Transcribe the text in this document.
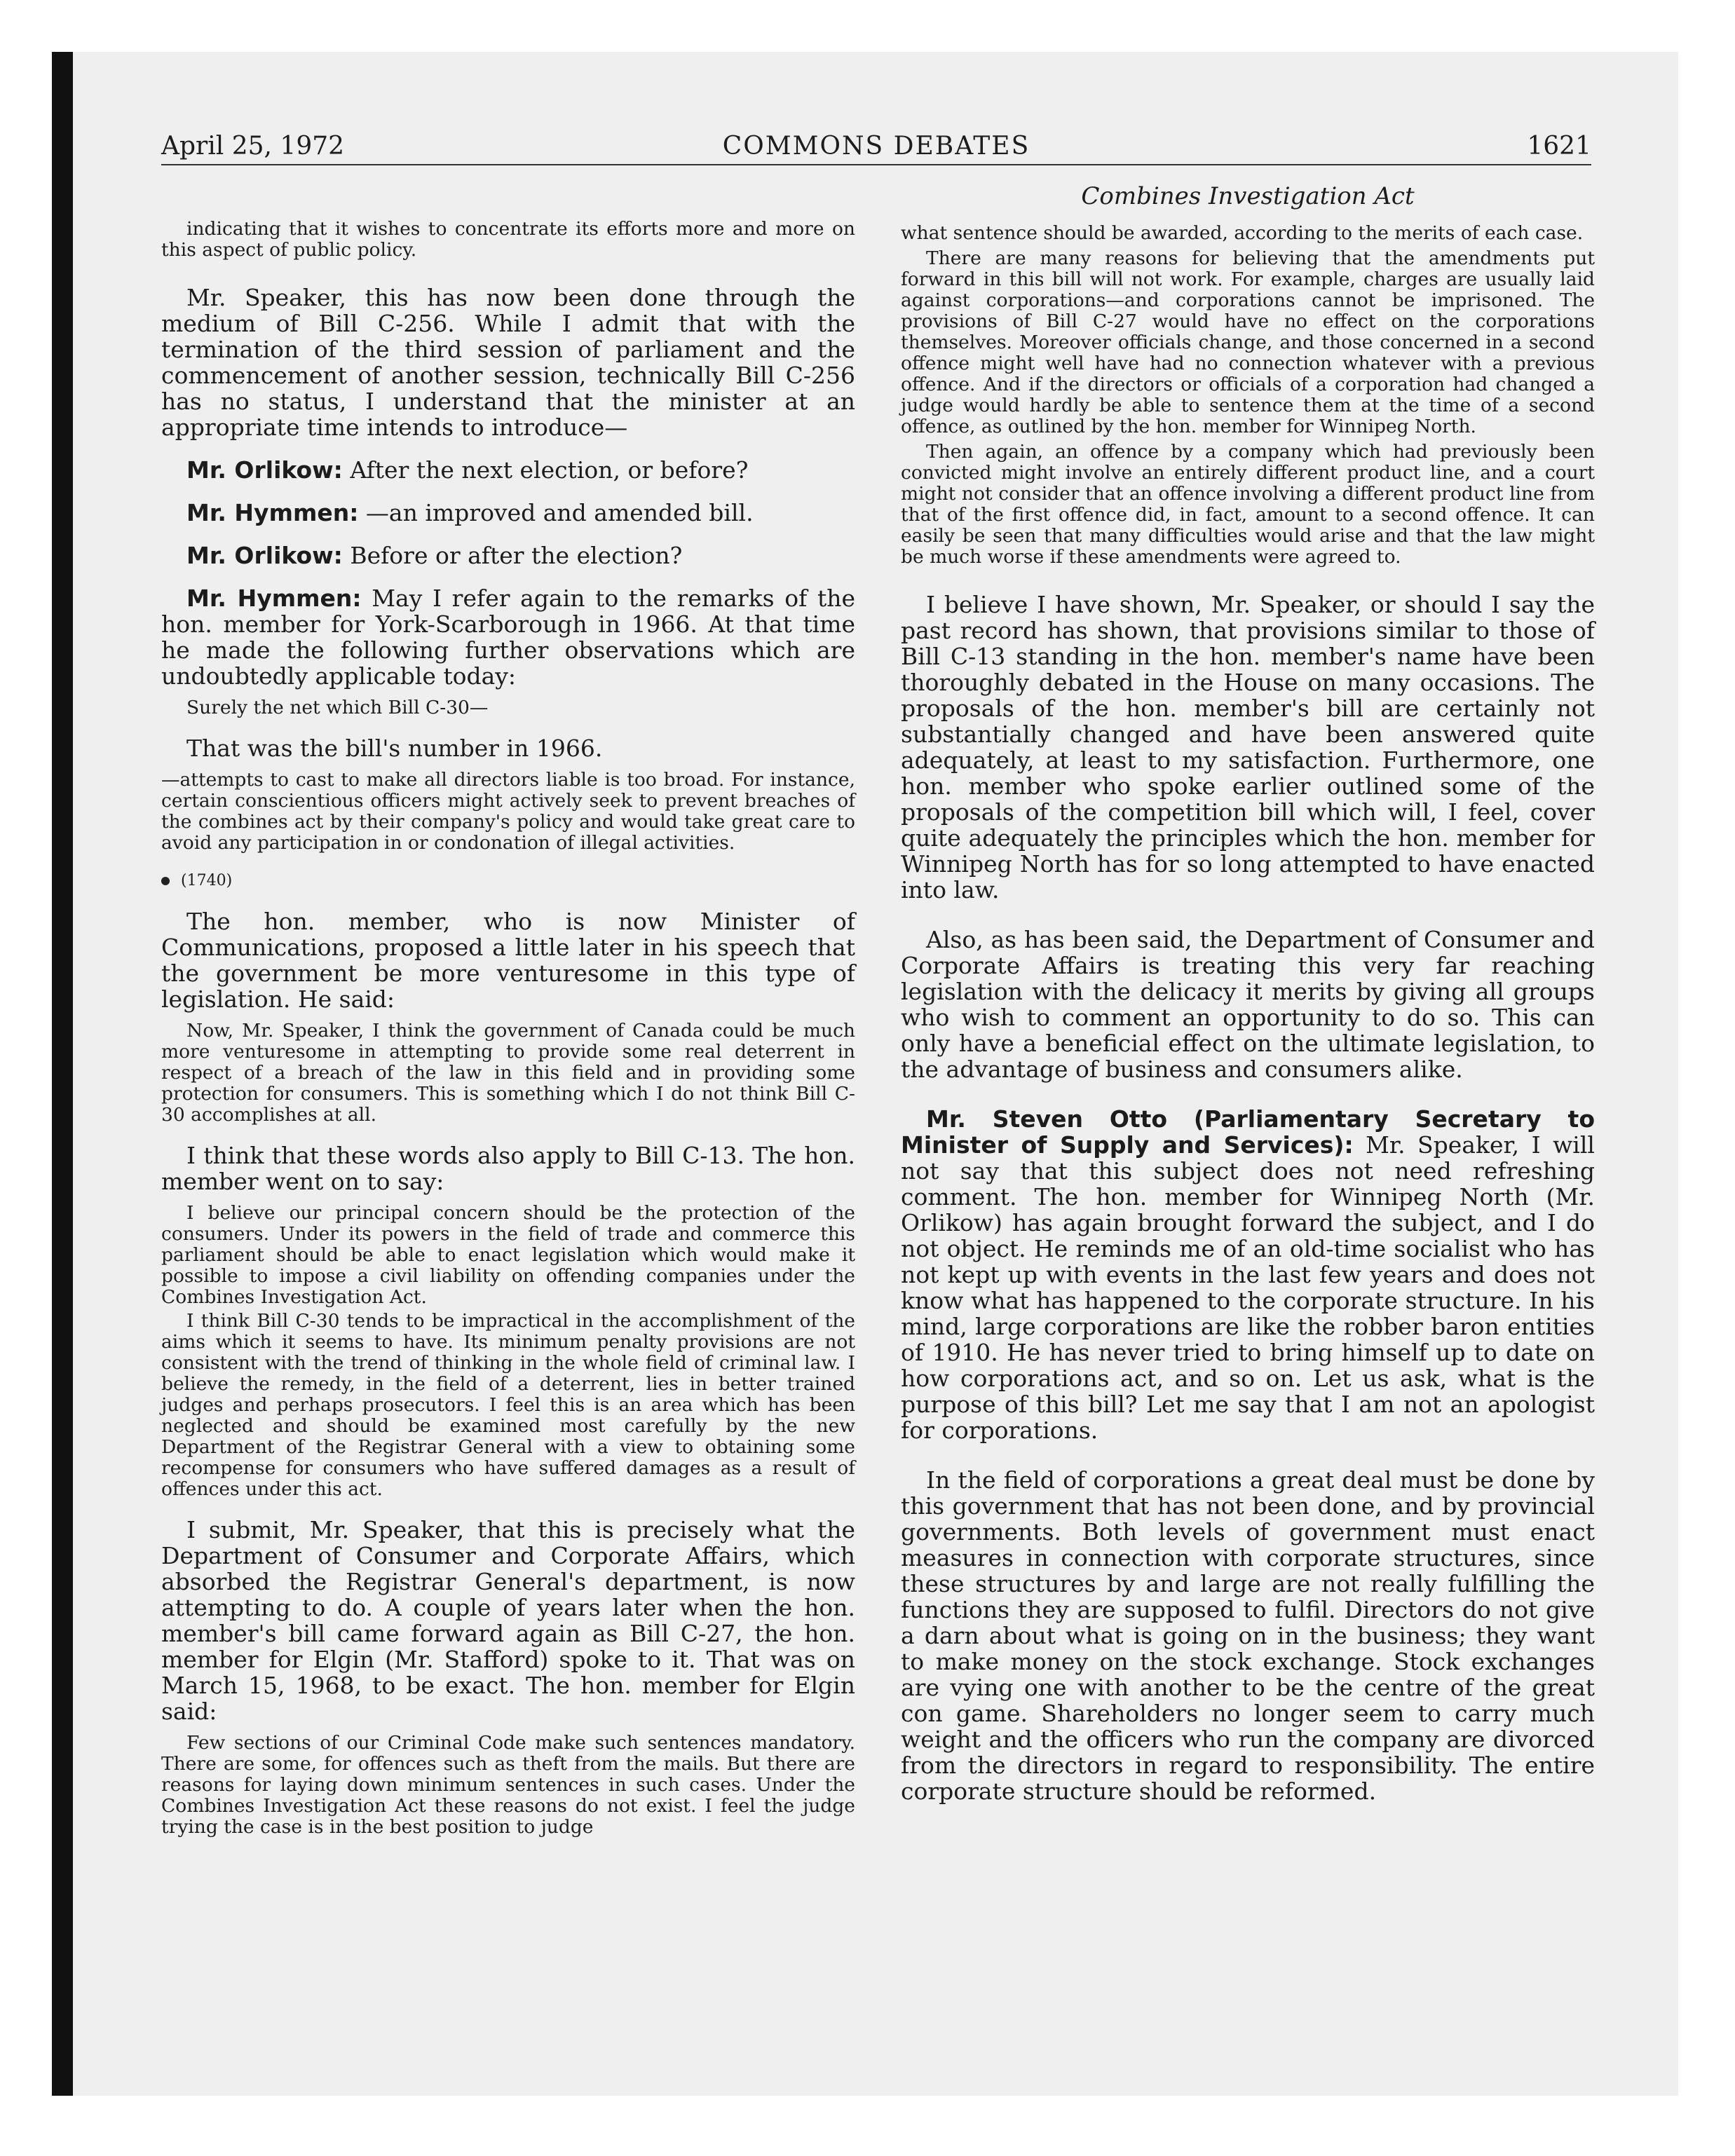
April 25, 1972	COMMONS DEBATES	1621
Combines Investigation Act

indicating that it wishes to concentrate its efforts more and more on this aspect of public policy.

Mr. Speaker, this has now been done through the medium of Bill C-256. While I admit that with the termination of the third session of parliament and the commencement of another session, technically Bill C-256 has no status, I understand that the minister at an appropriate time intends to introduce—

Mr. Orlikow: After the next election, or before?

Mr. Hymmen: —an improved and amended bill.

Mr. Orlikow: Before or after the election?

Mr. Hymmen: May I refer again to the remarks of the hon. member for York-Scarborough in 1966. At that time he made the following further observations which are undoubtedly applicable today:

Surely the net which Bill C-30—

That was the bill's number in 1966.

—attempts to cast to make all directors liable is too broad. For instance, certain conscientious officers might actively seek to prevent breaches of the combines act by their company's policy and would take great care to avoid any participation in or condonation of illegal activities.

(1740)

The hon. member, who is now Minister of Communications, proposed a little later in his speech that the government be more venturesome in this type of legislation. He said:

Now, Mr. Speaker, I think the government of Canada could be much more venturesome in attempting to provide some real deterrent in respect of a breach of the law in this field and in providing some protection for consumers. This is something which I do not think Bill C-30 accomplishes at all.

I think that these words also apply to Bill C-13. The hon. member went on to say:

I believe our principal concern should be the protection of the consumers. Under its powers in the field of trade and commerce this parliament should be able to enact legislation which would make it possible to impose a civil liability on offending companies under the Combines Investigation Act.

I think Bill C-30 tends to be impractical in the accomplishment of the aims which it seems to have. Its minimum penalty provisions are not consistent with the trend of thinking in the whole field of criminal law. I believe the remedy, in the field of a deterrent, lies in better trained judges and perhaps prosecutors. I feel this is an area which has been neglected and should be examined most carefully by the new Department of the Registrar General with a view to obtaining some recompense for consumers who have suffered damages as a result of offences under this act.

I submit, Mr. Speaker, that this is precisely what the Department of Consumer and Corporate Affairs, which absorbed the Registrar General's department, is now attempting to do. A couple of years later when the hon. member's bill came forward again as Bill C-27, the hon. member for Elgin (Mr. Stafford) spoke to it. That was on March 15, 1968, to be exact. The hon. member for Elgin said:

Few sections of our Criminal Code make such sentences mandatory. There are some, for offences such as theft from the mails. But there are reasons for laying down minimum sentences in such cases. Under the Combines Investigation Act these reasons do not exist. I feel the judge trying the case is in the best position to judge

what sentence should be awarded, according to the merits of each case.

There are many reasons for believing that the amendments put forward in this bill will not work. For example, charges are usually laid against corporations—and corporations cannot be imprisoned. The provisions of Bill C-27 would have no effect on the corporations themselves. Moreover officials change, and those concerned in a second offence might well have had no connection whatever with a previous offence. And if the directors or officials of a corporation had changed a judge would hardly be able to sentence them at the time of a second offence, as outlined by the hon. member for Winnipeg North.

Then again, an offence by a company which had previously been convicted might involve an entirely different product line, and a court might not consider that an offence involving a different product line from that of the first offence did, in fact, amount to a second offence. It can easily be seen that many difficulties would arise and that the law might be much worse if these amendments were agreed to.

I believe I have shown, Mr. Speaker, or should I say the past record has shown, that provisions similar to those of Bill C-13 standing in the hon. member's name have been thoroughly debated in the House on many occasions. The proposals of the hon. member's bill are certainly not substantially changed and have been answered quite adequately, at least to my satisfaction. Furthermore, one hon. member who spoke earlier outlined some of the proposals of the competition bill which will, I feel, cover quite adequately the principles which the hon. member for Winnipeg North has for so long attempted to have enacted into law.

Also, as has been said, the Department of Consumer and Corporate Affairs is treating this very far reaching legislation with the delicacy it merits by giving all groups who wish to comment an opportunity to do so. This can only have a beneficial effect on the ultimate legislation, to the advantage of business and consumers alike.

Mr. Steven Otto (Parliamentary Secretary to Minister of Supply and Services): Mr. Speaker, I will not say that this subject does not need refreshing comment. The hon. member for Winnipeg North (Mr. Orlikow) has again brought forward the subject, and I do not object. He reminds me of an old-time socialist who has not kept up with events in the last few years and does not know what has happened to the corporate structure. In his mind, large corporations are like the robber baron entities of 1910. He has never tried to bring himself up to date on how corporations act, and so on. Let us ask, what is the purpose of this bill? Let me say that I am not an apologist for corporations.

In the field of corporations a great deal must be done by this government that has not been done, and by provincial governments. Both levels of government must enact measures in connection with corporate structures, since these structures by and large are not really fulfilling the functions they are supposed to fulfil. Directors do not give a darn about what is going on in the business; they want to make money on the stock exchange. Stock exchanges are vying one with another to be the centre of the great con game. Shareholders no longer seem to carry much weight and the officers who run the company are divorced from the directors in regard to responsibility. The entire corporate structure should be reformed.
